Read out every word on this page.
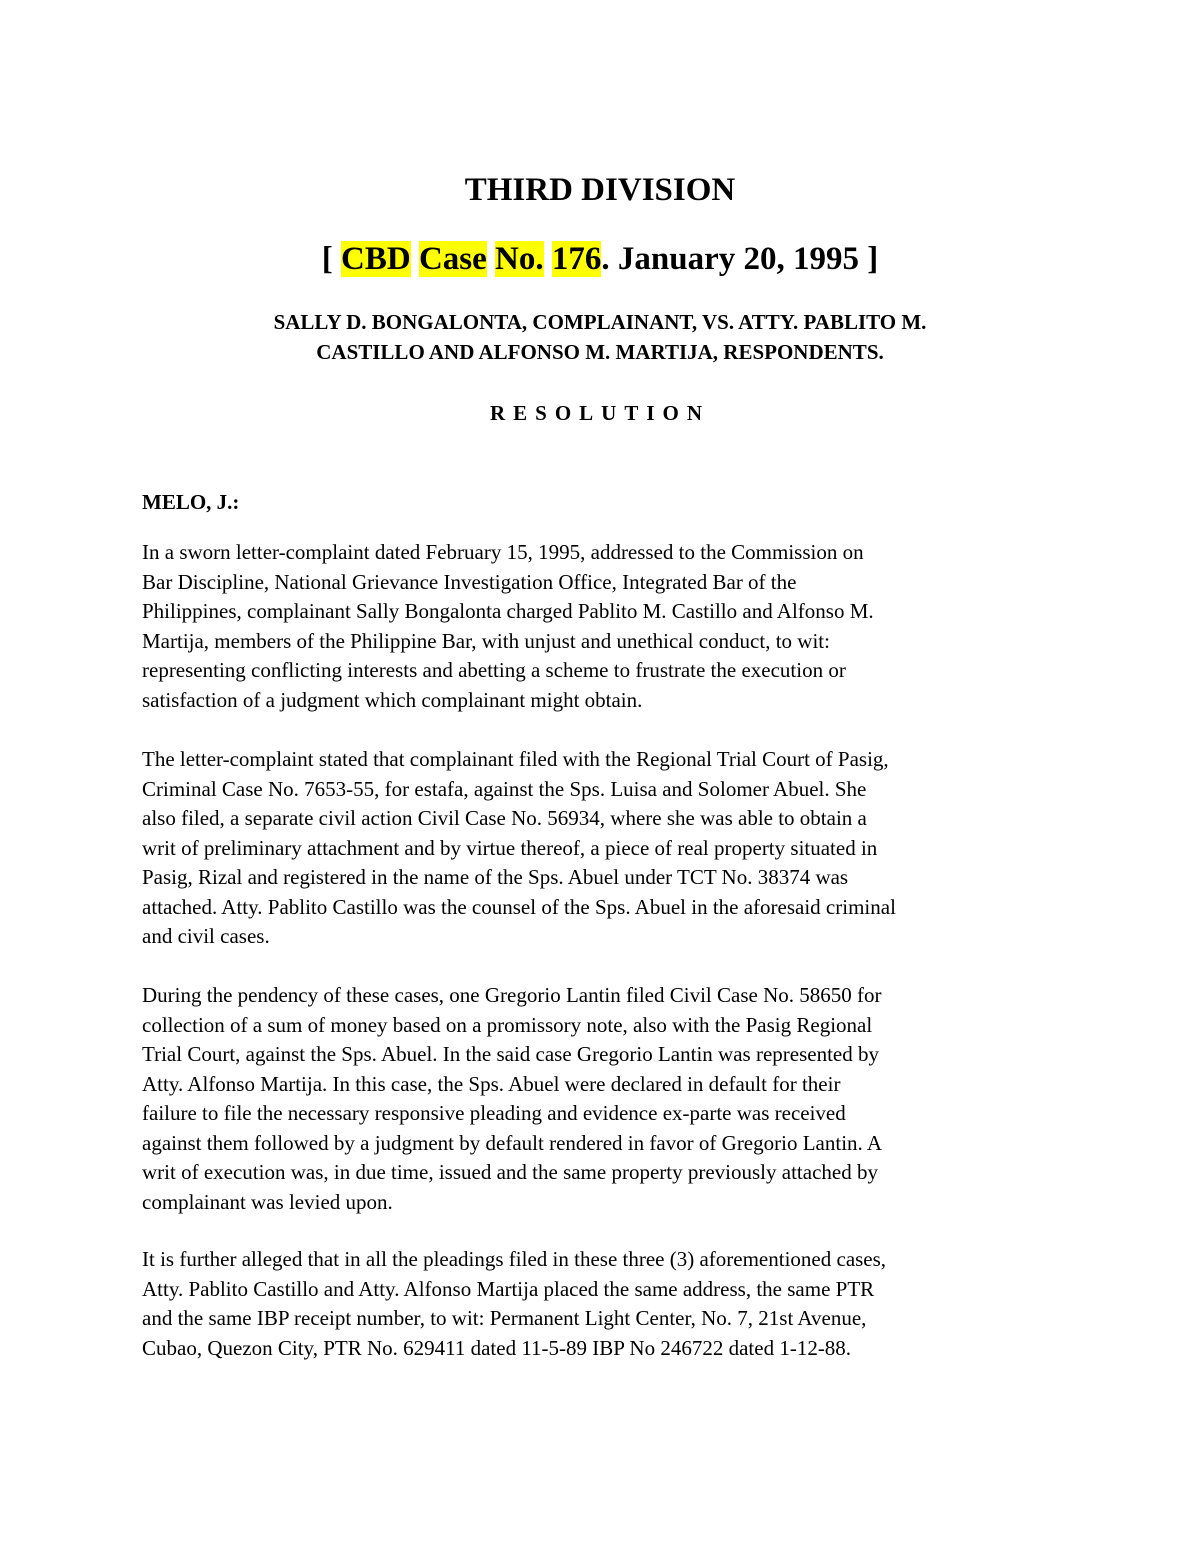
THIRD DIVISION
[ CBD Case No. 176. January 20, 1995 ]
SALLY D. BONGALONTA, COMPLAINANT, VS. ATTY. PABLITO M.
CASTILLO AND ALFONSO M. MARTIJA, RESPONDENTS.
RESOLUTION
MELO, J.:
In a sworn letter-complaint dated February 15, 1995, addressed to the Commission on
Bar Discipline, National Grievance Investigation Office, Integrated Bar of the
Philippines, complainant Sally Bongalonta charged Pablito M. Castillo and Alfonso M.
Martija, members of the Philippine Bar, with unjust and unethical conduct, to wit:
representing conflicting interests and abetting a scheme to frustrate the execution or
satisfaction of a judgment which complainant might obtain.
The letter-complaint stated that complainant filed with the Regional Trial Court of Pasig,
Criminal Case No. 7653-55, for estafa, against the Sps. Luisa and Solomer Abuel. She
also filed, a separate civil action Civil Case No. 56934, where she was able to obtain a
writ of preliminary attachment and by virtue thereof, a piece of real property situated in
Pasig, Rizal and registered in the name of the Sps. Abuel under TCT No. 38374 was
attached. Atty. Pablito Castillo was the counsel of the Sps. Abuel in the aforesaid criminal
and civil cases.
During the pendency of these cases, one Gregorio Lantin filed Civil Case No. 58650 for
collection of a sum of money based on a promissory note, also with the Pasig Regional
Trial Court, against the Sps. Abuel. In the said case Gregorio Lantin was represented by
Atty. Alfonso Martija. In this case, the Sps. Abuel were declared in default for their
failure to file the necessary responsive pleading and evidence ex-parte was received
against them followed by a judgment by default rendered in favor of Gregorio Lantin. A
writ of execution was, in due time, issued and the same property previously attached by
complainant was levied upon.
It is further alleged that in all the pleadings filed in these three (3) aforementioned cases,
Atty. Pablito Castillo and Atty. Alfonso Martija placed the same address, the same PTR
and the same IBP receipt number, to wit: Permanent Light Center, No. 7, 21st Avenue,
Cubao, Quezon City, PTR No. 629411 dated 11-5-89 IBP No 246722 dated 1-12-88.
